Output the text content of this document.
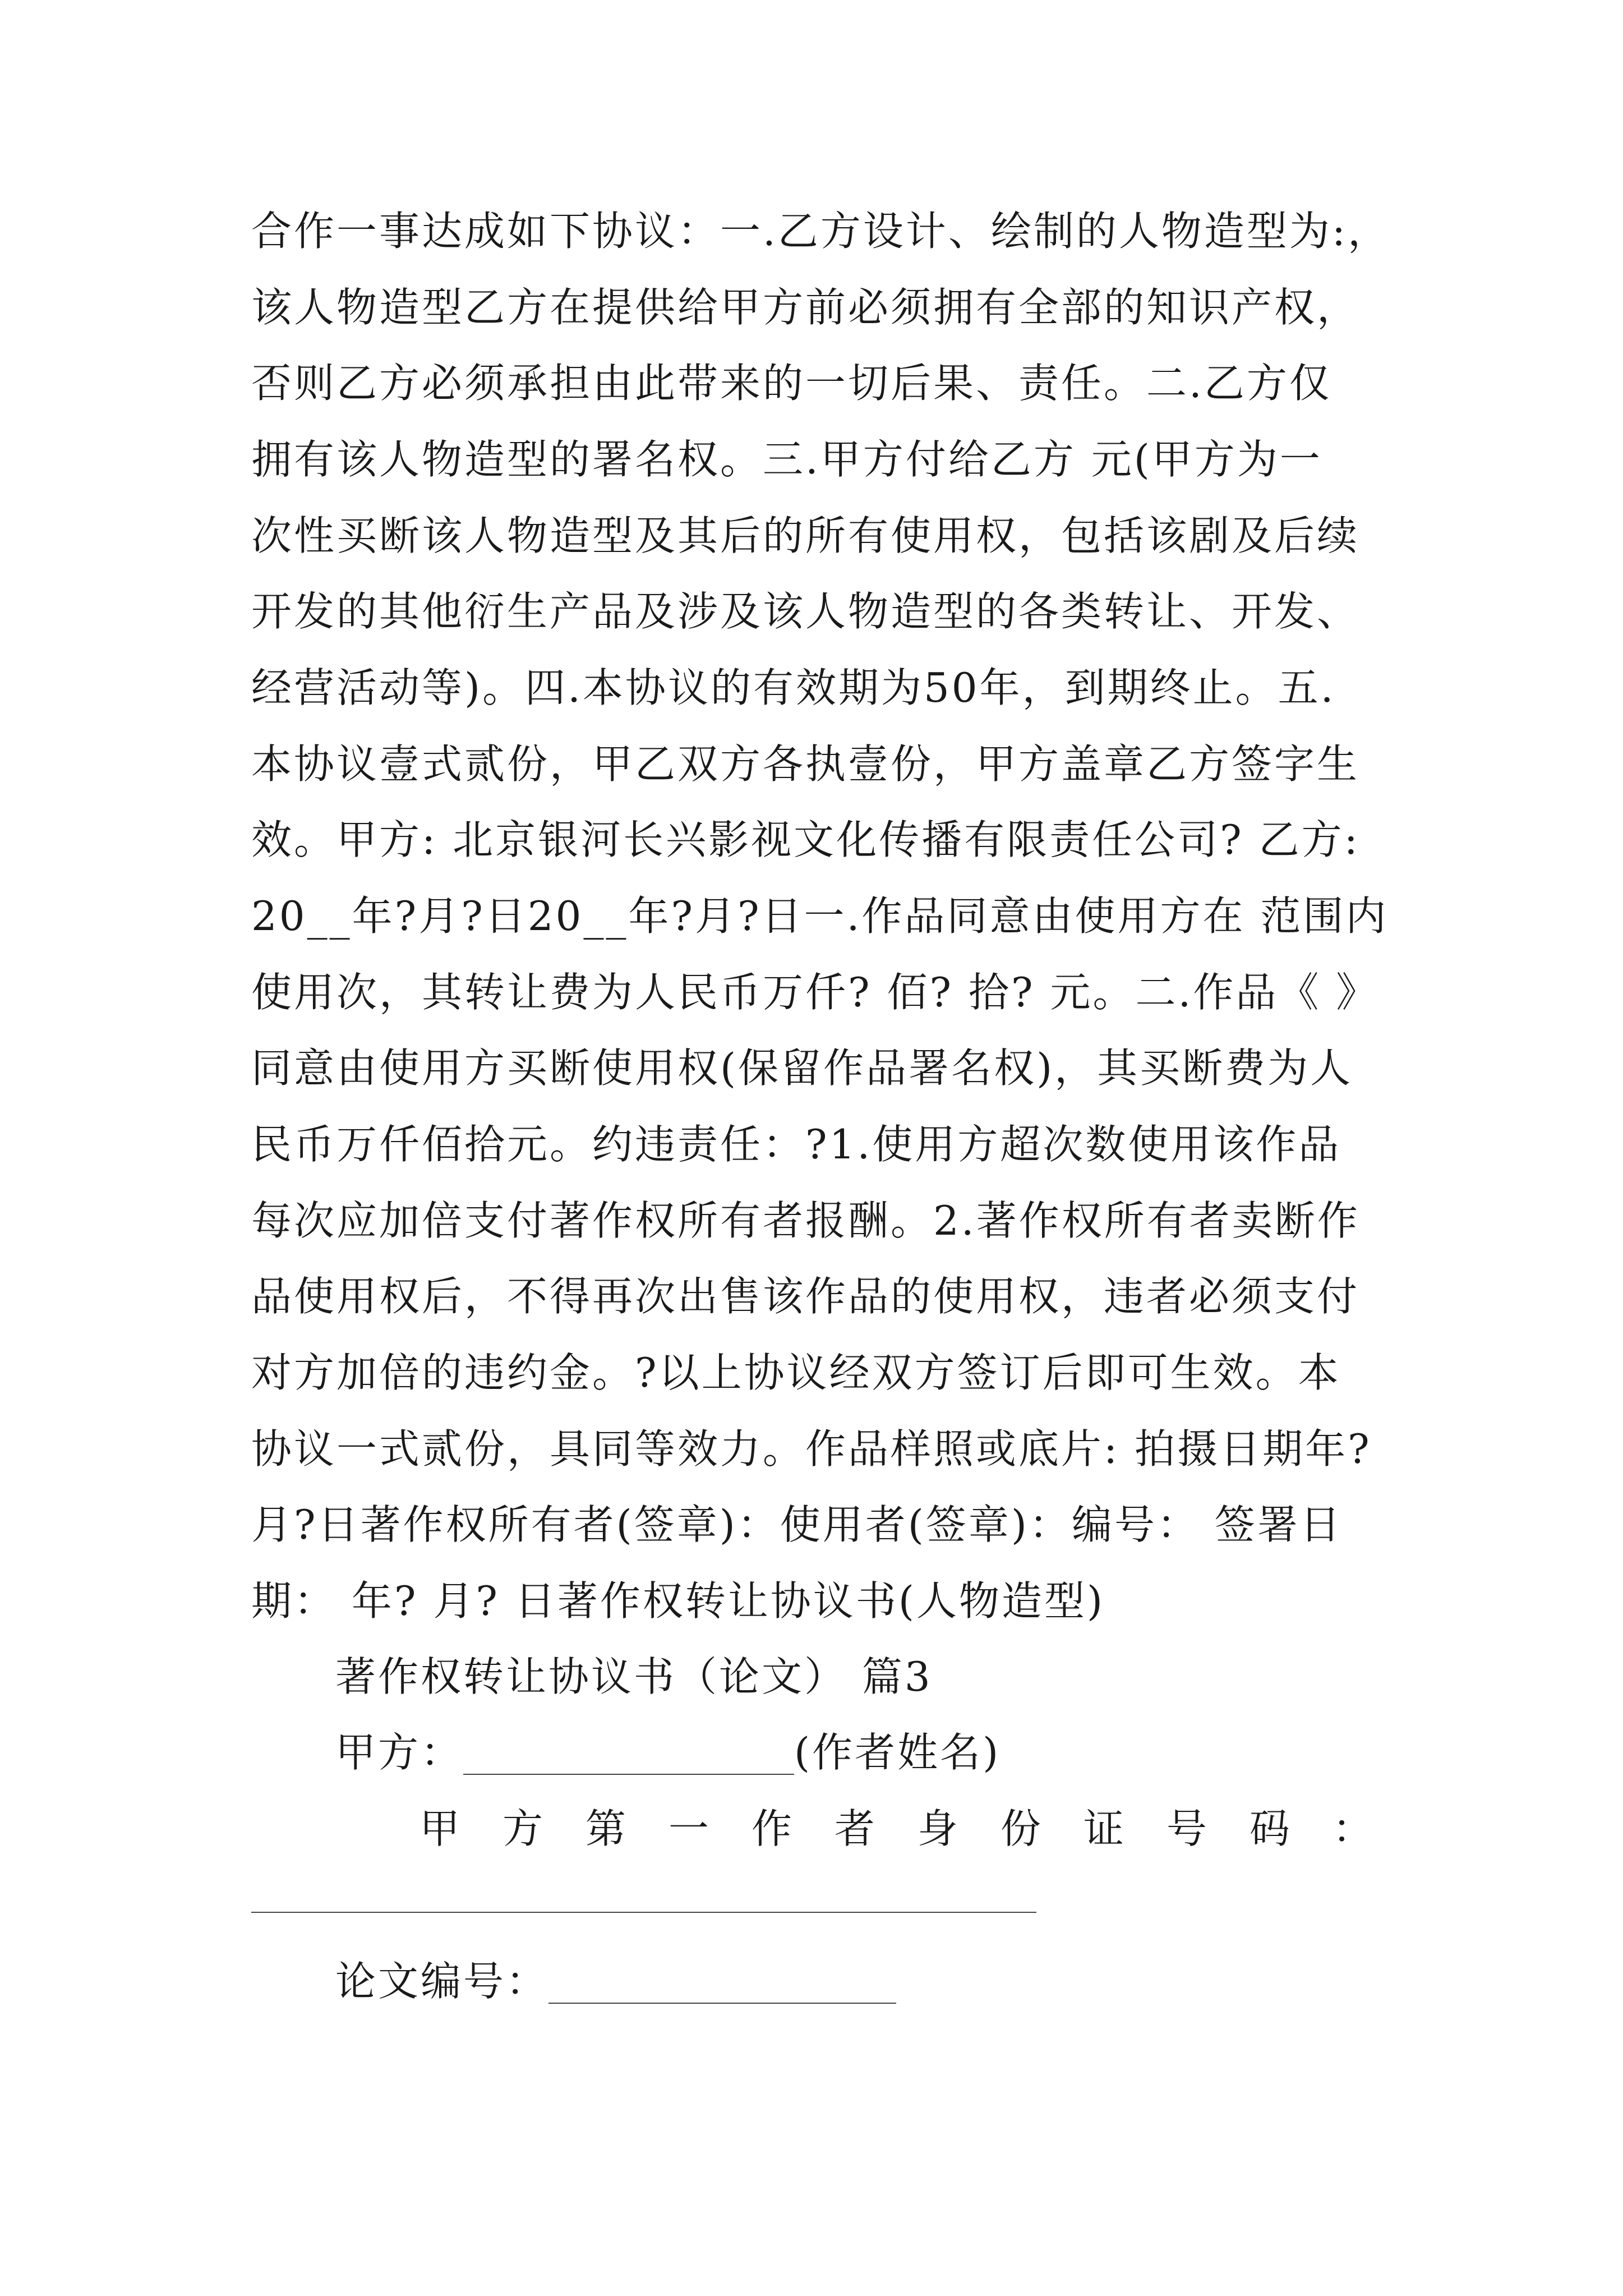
合作一事达成如下协议：一.乙方设计、绘制的人物造型为:，
该人物造型乙方在提供给甲方前必须拥有全部的知识产权，
否则乙方必须承担由此带来的一切后果、责任。二.乙方仅
拥有该人物造型的署名权。三.甲方付给乙方 元(甲方为一
次性买断该人物造型及其后的所有使用权，包括该剧及后续
开发的其他衍生产品及涉及该人物造型的各类转让、开发、
经营活动等)。四.本协议的有效期为50年，到期终止。五.
本协议壹式贰份，甲乙双方各执壹份，甲方盖章乙方签字生
效。甲方: 北京银河长兴影视文化传播有限责任公司? 乙方:
20__年?月?日20__年?月?日一.作品同意由使用方在 范围内
使用次，其转让费为人民币万仟? 佰? 拾? 元。二.作品《 》
同意由使用方买断使用权(保留作品署名权)，其买断费为人
民币万仟佰拾元。约违责任：?1.使用方超次数使用该作品
每次应加倍支付著作权所有者报酬。2.著作权所有者卖断作
品使用权后，不得再次出售该作品的使用权，违者必须支付
对方加倍的违约金。?以上协议经双方签订后即可生效。本
协议一式贰份，具同等效力。作品样照或底片: 拍摄日期年?
月?日著作权所有者(签章)：使用者(签章)：编号： 签署日
期： 年? 月? 日著作权转让协议书(人物造型)
著作权转让协议书（论文） 篇3
甲方：	(作者姓名)
甲 方 第 一 作 者 身 份 证 号 码 ：
论文编号：
